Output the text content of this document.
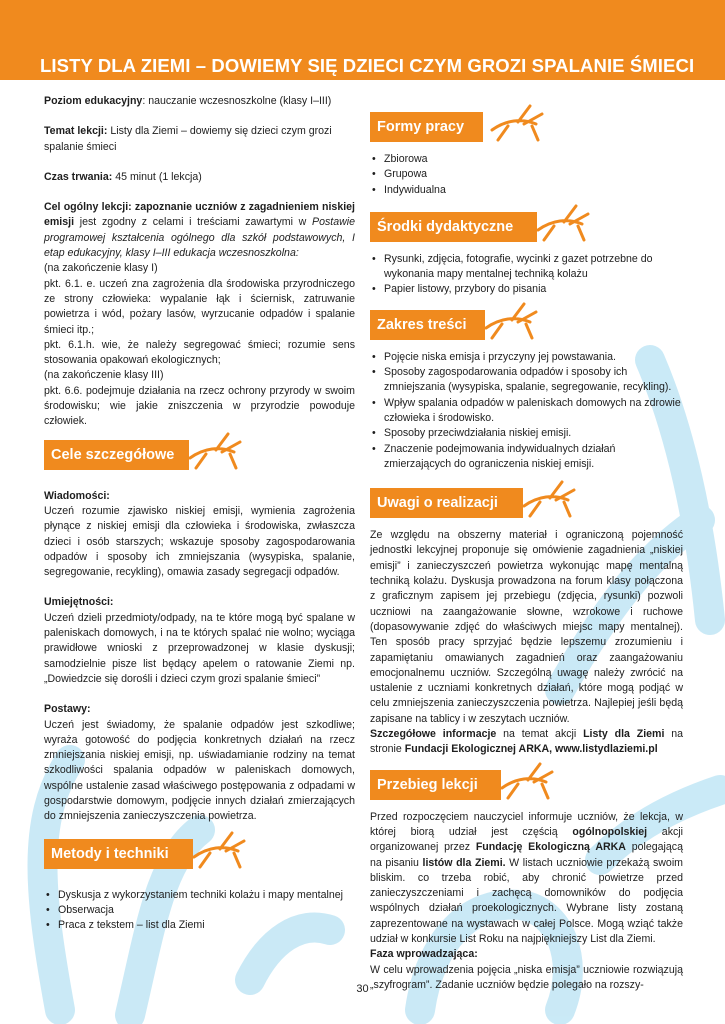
LISTY DLA ZIEMI – DOWIEMY SIĘ DZIECI CZYM GROZI SPALANIE ŚMIECI

Poziom edukacyjny: nauczanie wczesnoszkolne (klasy I–III)

Temat lekcji: Listy dla Ziemi – dowiemy się dzieci czym grozi spalanie śmieci

Czas trwania: 45 minut (1 lekcja)

Cel ogólny lekcji: zapoznanie uczniów z zagadnieniem niskiej emisji jest zgodny z celami i treściami zawartymi w Postawie programowej kształcenia ogólnego dla szkół podstawowych, I etap edukacyjny, klasy I–III edukacja wczesnoszkolna:

(na zakończenie klasy I)

pkt. 6.1. e. uczeń zna zagrożenia dla środowiska przyrodniczego ze strony człowieka: wypalanie łąk i ściernisk, zatruwanie powietrza i wód, pożary lasów, wyrzucanie odpadów i spalanie śmieci itp.;

pkt. 6.1.h. wie, że należy segregować śmieci; rozumie sens stosowania opakowań ekologicznych;

(na zakończenie klasy III)

pkt. 6.6. podejmuje działania na rzecz ochrony przyrody w swoim środowisku; wie jakie zniszczenia w przyrodzie powoduje człowiek.

Cele szczegółowe

Wiadomości:

Uczeń rozumie zjawisko niskiej emisji, wymienia zagrożenia płynące z niskiej emisji dla człowieka i środowiska, zwłaszcza dzieci i osób starszych; wskazuje sposoby zagospodarowania odpadów i sposoby ich zmniejszania (wysypiska, spalanie, segregowanie, recykling), omawia zasady segregacji odpadów.

Umiejętności:

Uczeń dzieli przedmioty/odpady, na te które mogą być spalane w paleniskach domowych, i na te których spalać nie wolno; wyciąga prawidłowe wnioski z przeprowadzonej w klasie dyskusji; samodzielnie pisze list będący apelem o ratowanie Ziemi np. „Dowiedzcie się dorośli i dzieci czym grozi spalanie śmieci”

Postawy:

Uczeń jest świadomy, że spalanie odpadów jest szkodliwe; wyraża gotowość do podjęcia konkretnych działań na rzecz zmniejszania niskiej emisji, np. uświadamianie rodziny na temat szkodliwości spalania odpadów w paleniskach domowych, wspólne ustalenie zasad właściwego postępowania z odpadami w gospodarstwie domowym, podjęcie innych działań zmierzających do zmniejszenia zanieczyszczenia powietrza.

Metody i techniki
• Dyskusja z wykorzystaniem techniki kolażu i mapy mentalnej
• Obserwacja
• Praca z tekstem – list dla Ziemi
Formy pracy
• Zbiorowa
• Grupowa
• Indywidualna
Środki dydaktyczne
• Rysunki, zdjęcia, fotografie, wycinki z gazet potrzebne do wykonania mapy mentalnej techniką kolażu
• Papier listowy, przybory do pisania
Zakres treści
• Pojęcie niska emisja i przyczyny jej powstawania.
• Sposoby zagospodarowania odpadów i sposoby ich zmniejszania (wysypiska, spalanie, segregowanie, recykling).
• Wpływ spalania odpadów w paleniskach domowych na zdrowie człowieka i środowisko.
• Sposoby przeciwdziałania niskiej emisji.
• Znaczenie podejmowania indywidualnych działań zmierzających do ograniczenia niskiej emisji.
Uwagi o realizacji

Ze względu na obszerny materiał i ograniczoną pojemność jednostki lekcyjnej proponuje się omówienie zagadnienia „niskiej emisji” i zanieczyszczeń powietrza wykonując mapę mentalną techniką kolażu. Dyskusja prowadzona na forum klasy połączona z graficznym zapisem jej przebiegu (zdjęcia, rysunki) pozwoli uczniowi na zaangażowanie słowne, wzrokowe i ruchowe (dopasowywanie zdjęć do właściwych miejsc mapy mentalnej). Ten sposób pracy sprzyjać będzie lepszemu zrozumieniu i zapamiętaniu omawianych zagadnień oraz zaangażowaniu emocjonalnemu uczniów. Szczególną uwagę należy zwrócić na ustalenie z uczniami konkretnych działań, które mogą podjąć w celu zmniejszenia zanieczyszczenia powietrza. Najlepiej jeśli będą zapisane na tablicy i w zeszytach uczniów.

Szczegółowe informacje na temat akcji Listy dla Ziemi na stronie Fundacji Ekologicznej ARKA, www.listydlaziemi.pl

Przebieg lekcji

Przed rozpoczęciem nauczyciel informuje uczniów, że lekcja, w której biorą udział jest częścią ogólnopolskiej akcji organizowanej przez Fundację Ekologiczną ARKA polegającą na pisaniu listów dla Ziemi. W listach uczniowie przekażą swoim bliskim. co trzeba robić, aby chronić powietrze przed zanieczyszczeniami i zachęcą domowników do podjęcia wspólnych działań proekologicznych. Wybrane listy zostaną zaprezentowane na wystawach w całej Polsce. Mogą wziąć także udział w konkursie List Roku na najpiękniejszy List dla Ziemi.

Faza wprowadzająca:

W celu wprowadzenia pojęcia „niska emisja” uczniowie rozwiązują „szyfrogram”. Zadanie uczniów będzie polegało na rozszy-

30
